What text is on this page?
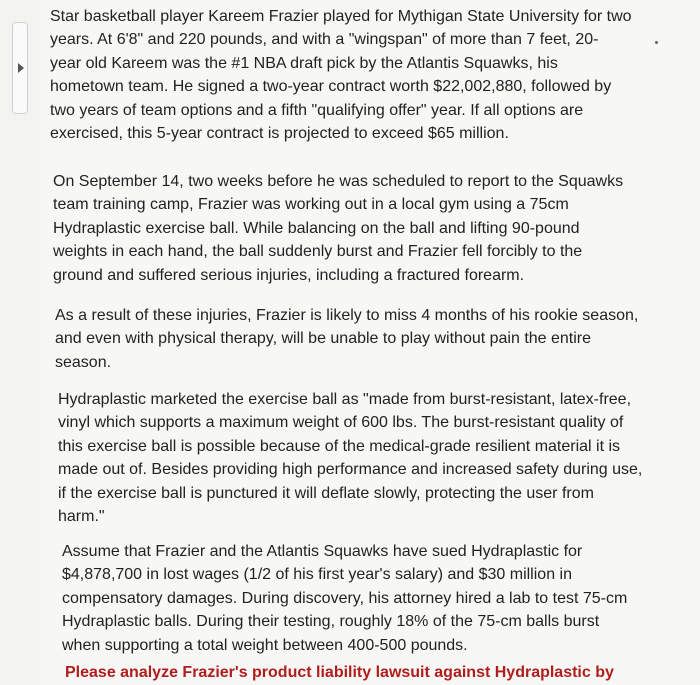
Star basketball player Kareem Frazier played for Mythigan State University for two
years. At 6'8" and 220 pounds, and with a "wingspan" of more than 7 feet, 20-
year old Kareem was the #1 NBA draft pick by the Atlantis Squawks, his
hometown team. He signed a two-year contract worth $22,002,880, followed by
two years of team options and a fifth "qualifying offer" year. If all options are
exercised, this 5-year contract is projected to exceed $65 million.

On September 14, two weeks before he was scheduled to report to the Squawks
team training camp, Frazier was working out in a local gym using a 75cm
Hydraplastic exercise ball. While balancing on the ball and lifting 90-pound
weights in each hand, the ball suddenly burst and Frazier fell forcibly to the
ground and suffered serious injuries, including a fractured forearm.

As a result of these injuries, Frazier is likely to miss 4 months of his rookie season,
and even with physical therapy, will be unable to play without pain the entire
season.

Hydraplastic marketed the exercise ball as "made from burst-resistant, latex-free,
vinyl which supports a maximum weight of 600 lbs. The burst-resistant quality of
this exercise ball is possible because of the medical-grade resilient material it is
made out of. Besides providing high performance and increased safety during use,
if the exercise ball is punctured it will deflate slowly, protecting the user from
harm."

Assume that Frazier and the Atlantis Squawks have sued Hydraplastic for
$4,878,700 in lost wages (1/2 of his first year's salary) and $30 million in
compensatory damages. During discovery, his attorney hired a lab to test 75-cm
Hydraplastic balls. During their testing, roughly 18% of the 75-cm balls burst
when supporting a total weight between 400-500 pounds.

Please analyze Frazier's product liability lawsuit against Hydraplastic by
